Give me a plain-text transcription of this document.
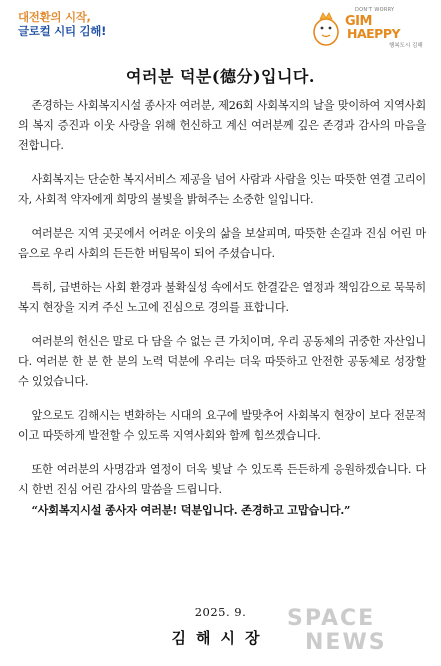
대전환의 시작,
글로컬 시티 김해!
DON'T WORRY
GIM
HAEPPY
행복도시 김해
여러분 덕분(德分)입니다.

존경하는 사회복지시설 종사자 여러분, 제26회 사회복지의 날을 맞이하여 지역사회의 복지 증진과 이웃 사랑을 위해 헌신하고 계신 여러분께 깊은 존경과 감사의 마음을 전합니다.

사회복지는 단순한 복지서비스 제공을 넘어 사람과 사람을 잇는 따뜻한 연결 고리이자, 사회적 약자에게 희망의 불빛을 밝혀주는 소중한 일입니다.

여러분은 지역 곳곳에서 어려운 이웃의 삶을 보살피며, 따뜻한 손길과 진심 어린 마음으로 우리 사회의 든든한 버팀목이 되어 주셨습니다.

특히, 급변하는 사회 환경과 불확실성 속에서도 한결같은 열정과 책임감으로 묵묵히 복지 현장을 지켜 주신 노고에 진심으로 경의를 표합니다.

여러분의 헌신은 말로 다 담을 수 없는 큰 가치이며, 우리 공동체의 귀중한 자산입니다. 여러분 한 분 한 분의 노력 덕분에 우리는 더욱 따뜻하고 안전한 공동체로 성장할 수 있었습니다.

앞으로도 김해시는 변화하는 시대의 요구에 발맞추어 사회복지 현장이 보다 전문적이고 따뜻하게 발전할 수 있도록 지역사회와 함께 힘쓰겠습니다.

또한 여러분의 사명감과 열정이 더욱 빛날 수 있도록 든든하게 응원하겠습니다. 다시 한번 진심 어린 감사의 말씀을 드립니다.

“사회복지시설 종사자 여러분! 덕분입니다. 존경하고 고맙습니다.”

2025. 9.
김해시장
SPACE
NEWS
